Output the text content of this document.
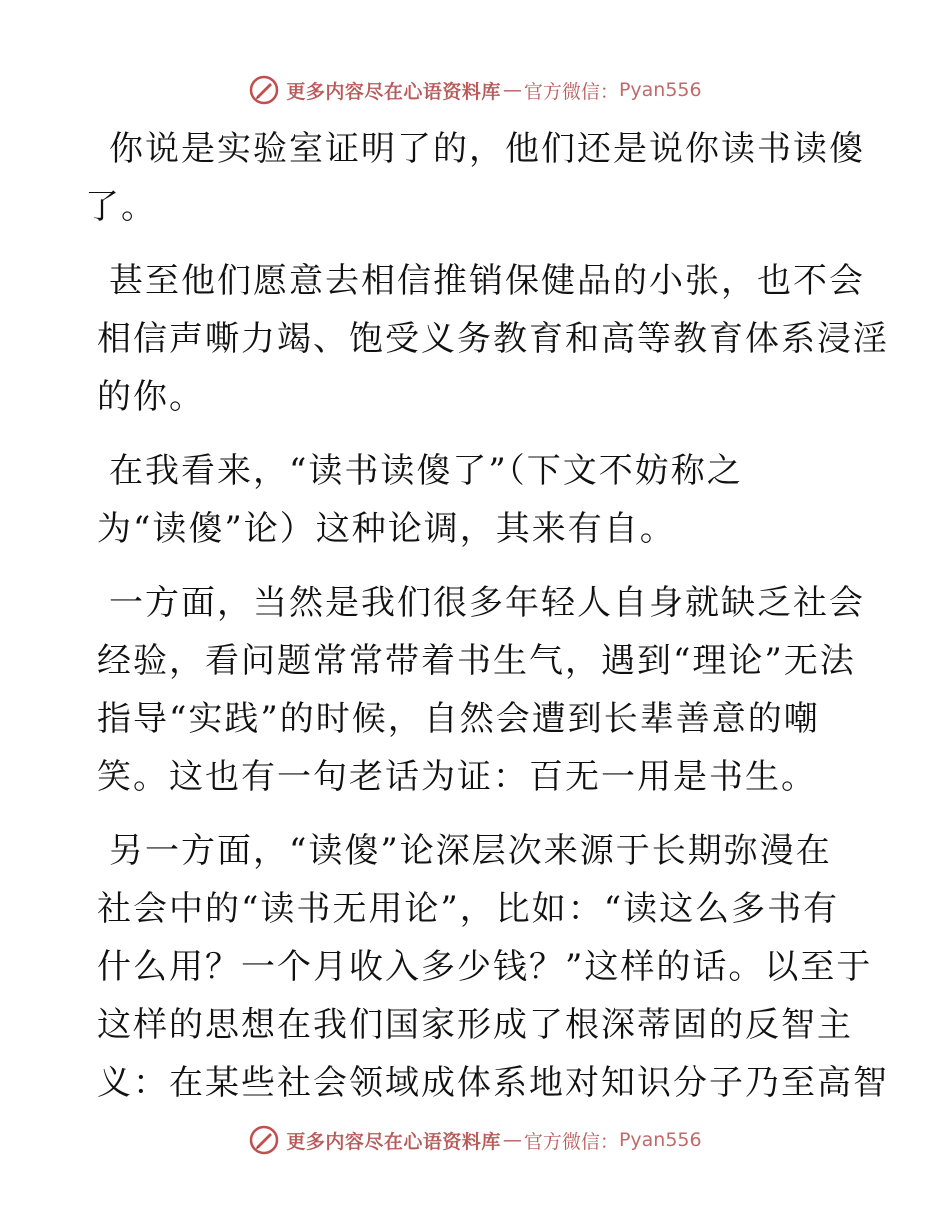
更多内容尽在心语资料库 — 官方微信： Pyan556

你说是实验室证明了的，他们还是说你读书读傻
了。

甚至他们愿意去相信推销保健品的小张，也不会
相信声嘶力竭、饱受义务教育和高等教育体系浸淫
的你。

在我看来，“读书读傻了”（下文不妨称之
为“读傻”论）这种论调，其来有自。

一方面，当然是我们很多年轻人自身就缺乏社会
经验，看问题常常带着书生气，遇到“理论”无法
指导“实践”的时候，自然会遭到长辈善意的嘲
笑。这也有一句老话为证：百无一用是书生。

另一方面，“读傻”论深层次来源于长期弥漫在
社会中的“读书无用论”，比如：“读这么多书有
什么用？一个月收入多少钱？”这样的话。以至于
这样的思想在我们国家形成了根深蒂固的反智主
义：在某些社会领域成体系地对知识分子乃至高智

更多内容尽在心语资料库 — 官方微信： Pyan556
